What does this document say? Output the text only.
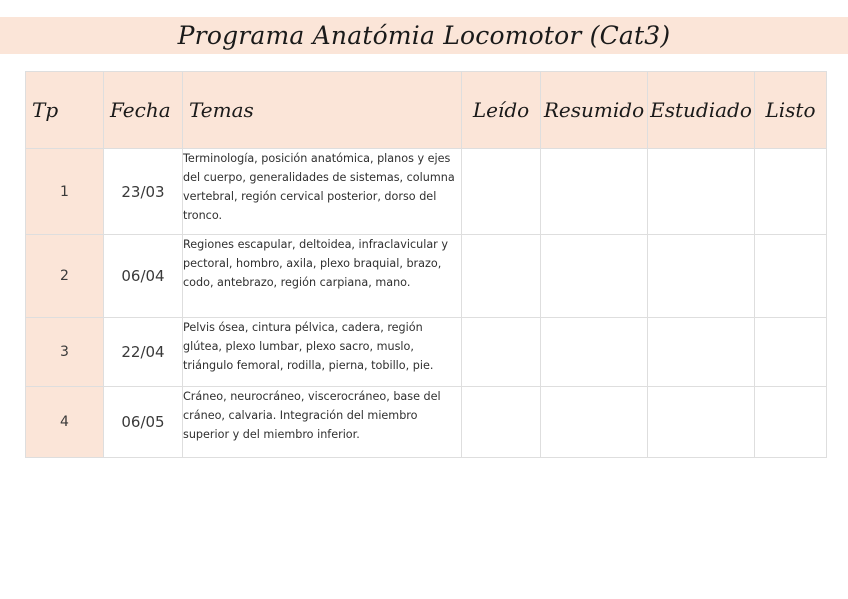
Programa Anatómia Locomotor (Cat3)
Tp	Fecha	Temas	Leído	Resumido	Estudiado	Listo
1	23/03	Terminología, posición anatómica, planos y ejes del cuerpo, generalidades de sistemas, columna vertebral, región cervical posterior, dorso del tronco.				
2	06/04	Regiones escapular, deltoidea, infraclavicular y pectoral, hombro, axila, plexo braquial, brazo, codo, antebrazo, región carpiana, mano.				
3	22/04	Pelvis ósea, cintura pélvica, cadera, región glútea, plexo lumbar, plexo sacro, muslo, triángulo femoral, rodilla, pierna, tobillo, pie.				
4	06/05	Cráneo, neurocráneo, viscerocráneo, base del cráneo, calvaria. Integración del miembro superior y del miembro inferior.				
